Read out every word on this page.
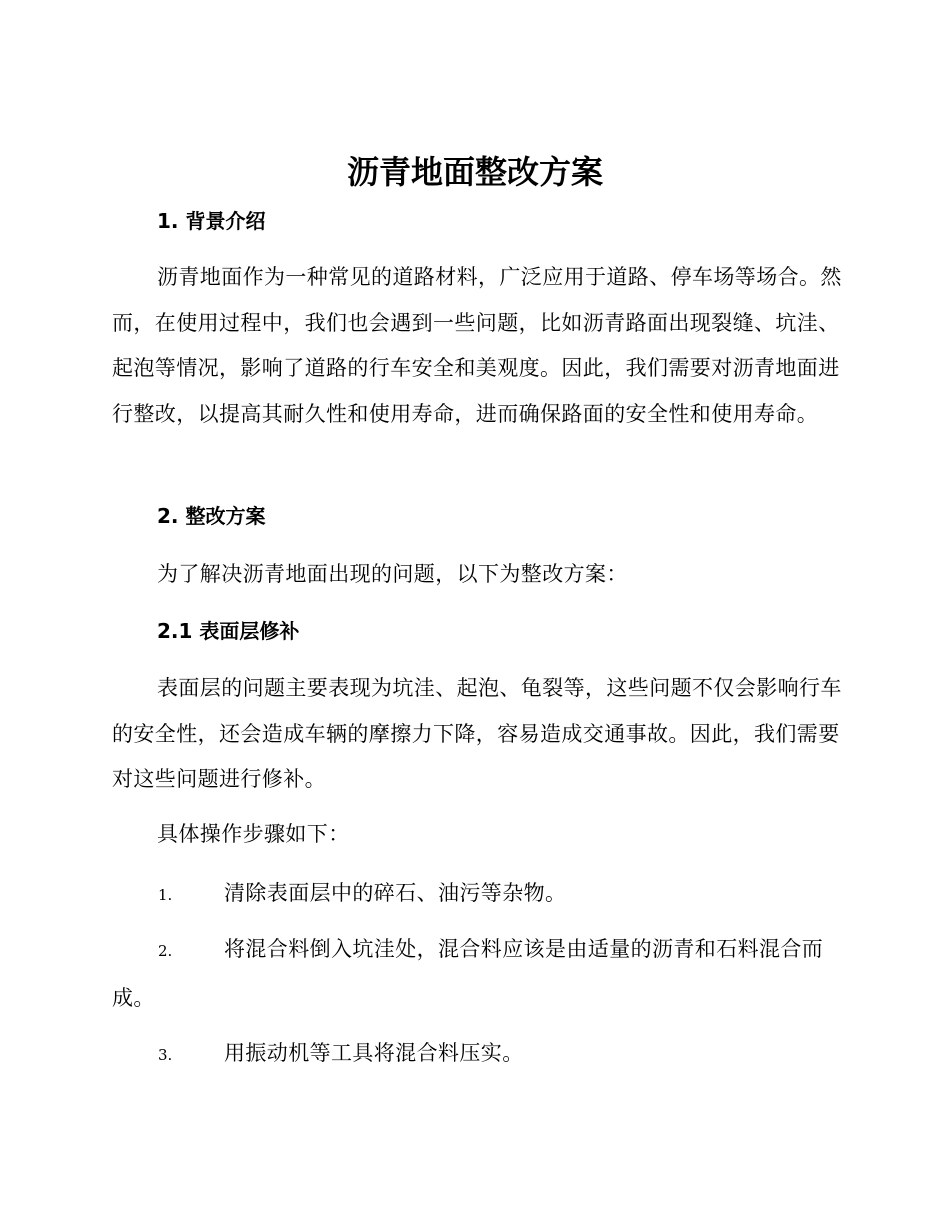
沥青地面整改方案
1. 背景介绍

沥青地面作为一种常见的道路材料，广泛应用于道路、停车场等场合。然而，在使用过程中，我们也会遇到一些问题，比如沥青路面出现裂缝、坑洼、起泡等情况，影响了道路的行车安全和美观度。因此，我们需要对沥青地面进行整改，以提高其耐久性和使用寿命，进而确保路面的安全性和使用寿命。

2. 整改方案

为了解决沥青地面出现的问题，以下为整改方案：

2.1 表面层修补

表面层的问题主要表现为坑洼、起泡、龟裂等，这些问题不仅会影响行车的安全性，还会造成车辆的摩擦力下降，容易造成交通事故。因此，我们需要对这些问题进行修补。

具体操作步骤如下：

1. 清除表面层中的碎石、油污等杂物。

2. 将混合料倒入坑洼处，混合料应该是由适量的沥青和石料混合而成。

3. 用振动机等工具将混合料压实。
